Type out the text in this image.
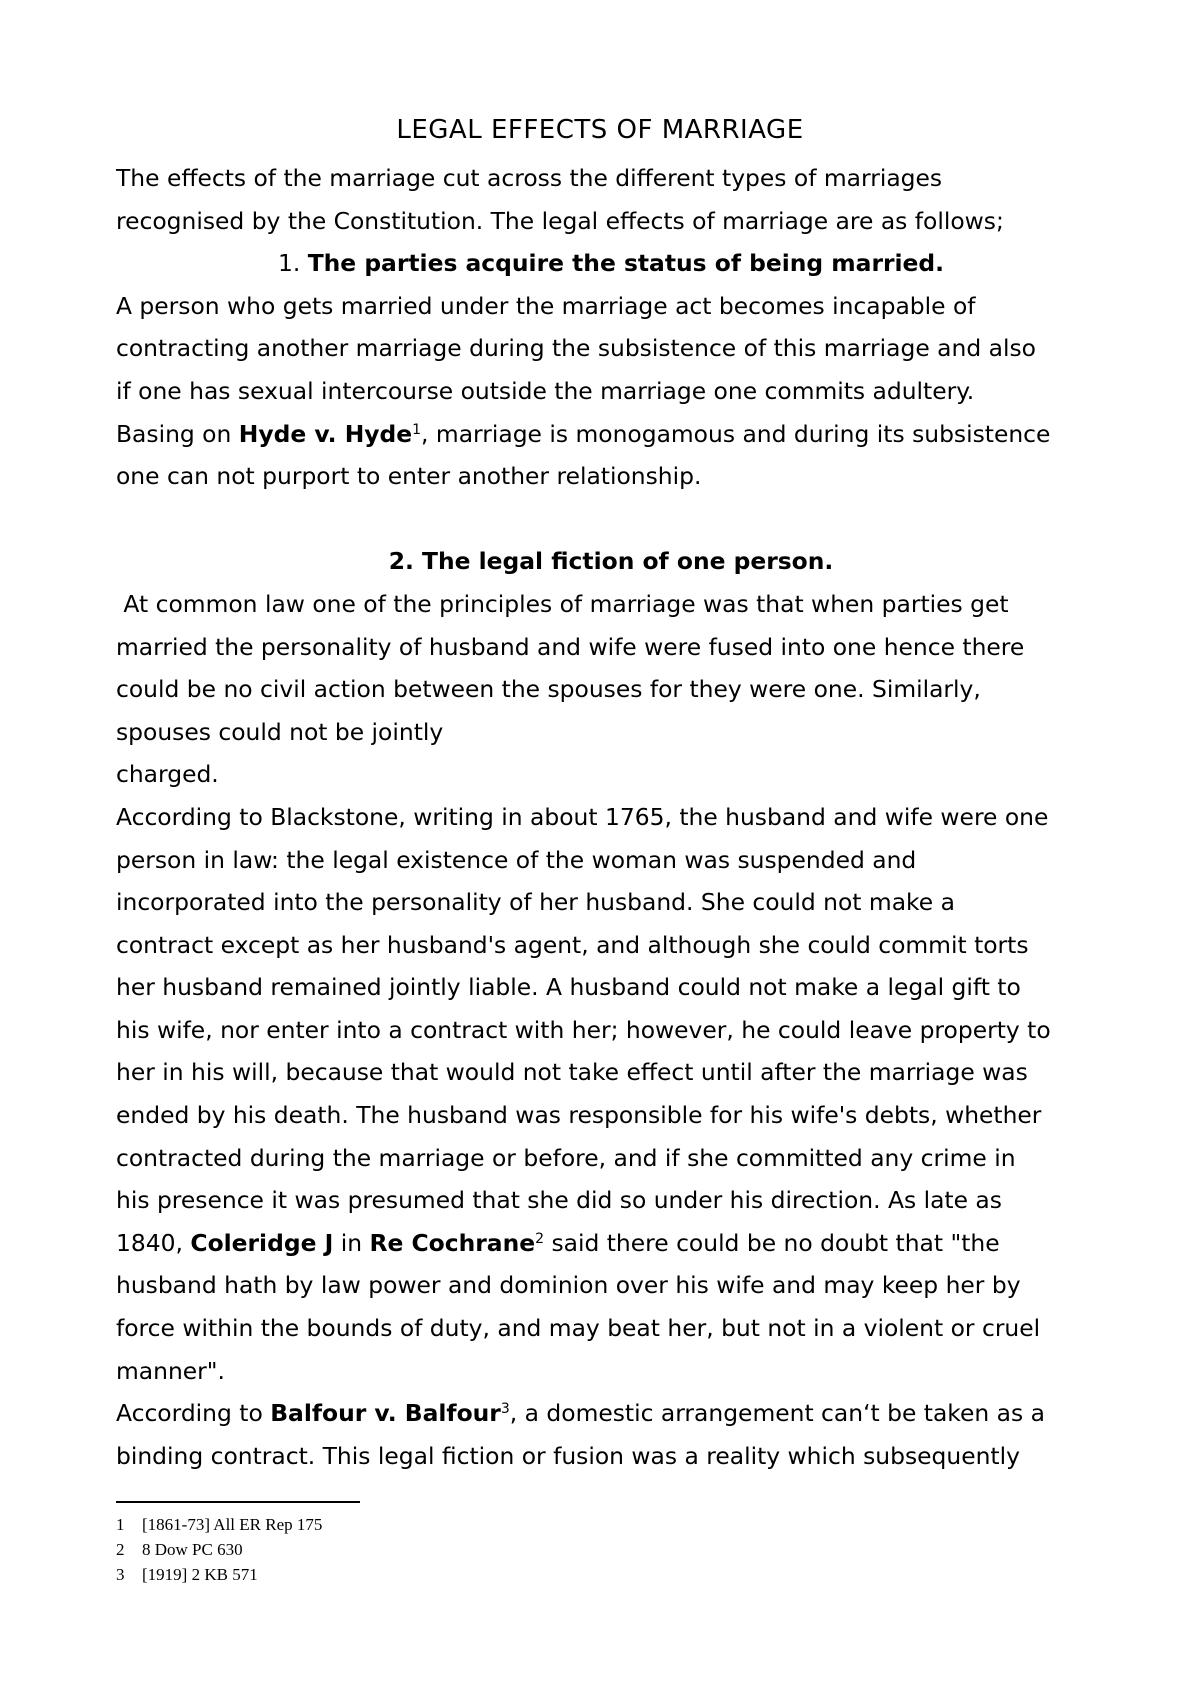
LEGAL EFFECTS OF MARRIAGE

The effects of the marriage cut across the different types of marriages

recognised by the Constitution. The legal effects of marriage are as follows;

1. The parties acquire the status of being married.

A person who gets married under the marriage act becomes incapable of

contracting another marriage during the subsistence of this marriage and also

if one has sexual intercourse outside the marriage one commits adultery.

Basing on Hyde v. Hyde$^1$, marriage is monogamous and during its subsistence

one can not purport to enter another relationship.

2. The legal fiction of one person.

At common law one of the principles of marriage was that when parties get

married the personality of husband and wife were fused into one hence there

could be no civil action between the spouses for they were one. Similarly,

spouses could not be jointly

charged.

According to Blackstone, writing in about 1765, the husband and wife were one

person in law: the legal existence of the woman was suspended and

incorporated into the personality of her husband. She could not make a

contract except as her husband's agent, and although she could commit torts

her husband remained jointly liable. A husband could not make a legal gift to

his wife, nor enter into a contract with her; however, he could leave property to

her in his will, because that would not take effect until after the marriage was

ended by his death. The husband was responsible for his wife's debts, whether

contracted during the marriage or before, and if she committed any crime in

his presence it was presumed that she did so under his direction. As late as

1840, Coleridge J in Re Cochrane$^2$ said there could be no doubt that "the

husband hath by law power and dominion over his wife and may keep her by

force within the bounds of duty, and may beat her, but not in a violent or cruel

manner".

According to Balfour v. Balfour$^3$, a domestic arrangement can‘t be taken as a

binding contract. This legal fiction or fusion was a reality which subsequently

1	[1861-73] All ER Rep 175
2	8 Dow PC 630
3	[1919] 2 KB 571
